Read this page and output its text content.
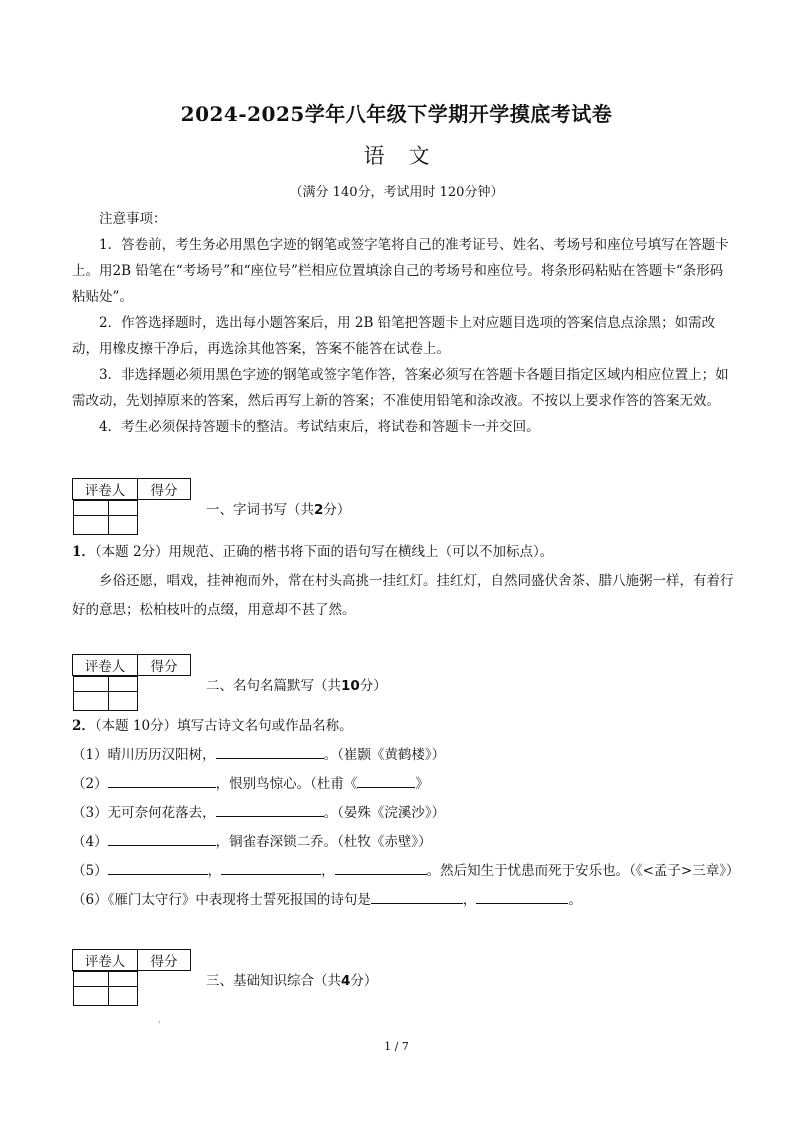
2024-2025学年八年级下学期开学摸底考试卷
语文
（满分 140分，考试用时 120分钟）

注意事项：

1．答卷前，考生务必用黑色字迹的钢笔或签字笔将自己的准考证号、姓名、考场号和座位号填写在答题卡上。用2B 铅笔在“考场号”和“座位号”栏相应位置填涂自己的考场号和座位号。将条形码粘贴在答题卡“条形码粘贴处”。

2．作答选择题时，选出每小题答案后，用 2B 铅笔把答题卡上对应题目选项的答案信息点涂黑；如需改动，用橡皮擦干净后，再选涂其他答案，答案不能答在试卷上。

3．非选择题必须用黑色字迹的钢笔或签字笔作答，答案必须写在答题卡各题目指定区域内相应位置上；如需改动，先划掉原来的答案，然后再写上新的答案；不准使用铅笔和涂改液。不按以上要求作答的答案无效。

4．考生必须保持答题卡的整洁。考试结束后，将试卷和答题卡一并交回。

评卷人	得分

一、字词书写（共2分）

1．（本题 2分）用规范、正确的楷书将下面的语句写在横线上（可以不加标点）。

乡俗还愿，唱戏，挂神袍而外，常在村头高挑一挂红灯。挂红灯，自然同盛伏舍茶、腊八施粥一样，有着行好的意思；松柏枝叶的点缀，用意却不甚了然。

评卷人	得分

二、名句名篇默写（共10分）

2．（本题 10分）填写古诗文名句或作品名称。

（1）晴川历历汉阳树，	。（崔颢《黄鹤楼》）

（2）	，恨别鸟惊心。（杜甫《	》

（3）无可奈何花落去，	。（晏殊《浣溪沙》）

（4）	，铜雀春深锁二乔。（杜牧《赤壁》）

（5）	，	，	。然后知生于忧患而死于安乐也。（《<孟子>三章》）

（6）《雁门太守行》中表现将士誓死报国的诗句是	，	。

评卷人	得分

三、基础知识综合（共4分）
'
1 / 7
